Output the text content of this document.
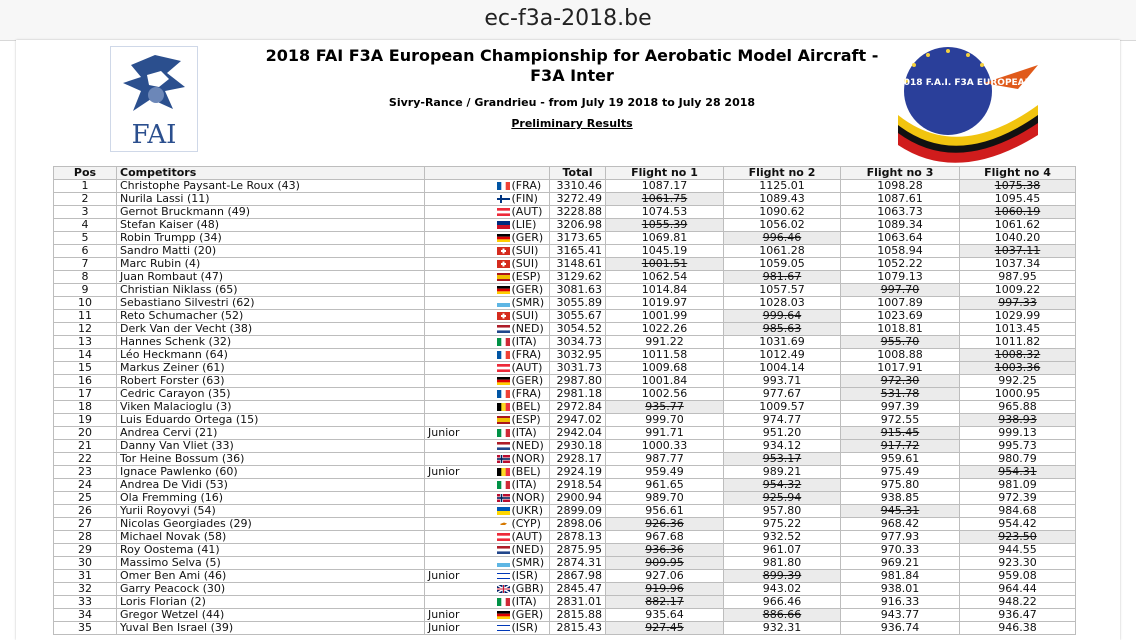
ec-f3a-2018.be
FAI
2018 FAI F3A European Championship for Aerobatic Model Aircraft -
F3A Inter
Sivry-Rance / Grandrieu - from July 19 2018 to July 28 2018
Preliminary Results
2018 F.A.I. F3A EUROPEAN CHAMPIONSHIP
Pos	Competitors			Total	Flight no 1	Flight no 2	Flight no 3	Flight no 4
1	Christophe Paysant-Le Roux (43)		(FRA)	3310.46	1087.17	1125.01	1098.28	1075.38
2	Nurila Lassi (11)		(FIN)	3272.49	1061.75	1089.43	1087.61	1095.45
3	Gernot Bruckmann (49)		(AUT)	3228.88	1074.53	1090.62	1063.73	1060.19
4	Stefan Kaiser (48)		(LIE)	3206.98	1055.39	1056.02	1089.34	1061.62
5	Robin Trumpp (34)		(GER)	3173.65	1069.81	996.46	1063.64	1040.20
6	Sandro Matti (20)		(SUI)	3165.41	1045.19	1061.28	1058.94	1037.11
7	Marc Rubin (4)		(SUI)	3148.61	1001.51	1059.05	1052.22	1037.34
8	Juan Rombaut (47)		(ESP)	3129.62	1062.54	981.67	1079.13	987.95
9	Christian Niklass (65)		(GER)	3081.63	1014.84	1057.57	997.70	1009.22
10	Sebastiano Silvestri (62)		(SMR)	3055.89	1019.97	1028.03	1007.89	997.33
11	Reto Schumacher (52)		(SUI)	3055.67	1001.99	999.64	1023.69	1029.99
12	Derk Van der Vecht (38)		(NED)	3054.52	1022.26	985.63	1018.81	1013.45
13	Hannes Schenk (32)		(ITA)	3034.73	991.22	1031.69	955.70	1011.82
14	Léo Heckmann (64)		(FRA)	3032.95	1011.58	1012.49	1008.88	1008.32
15	Markus Zeiner (61)		(AUT)	3031.73	1009.68	1004.14	1017.91	1003.36
16	Robert Forster (63)		(GER)	2987.80	1001.84	993.71	972.30	992.25
17	Cedric Carayon (35)		(FRA)	2981.18	1002.56	977.67	531.78	1000.95
18	Viken Malacioglu (3)		(BEL)	2972.84	935.77	1009.57	997.39	965.88
19	Luis Eduardo Ortega (15)		(ESP)	2947.02	999.70	974.77	972.55	938.93
20	Andrea Cervi (21)	Junior	(ITA)	2942.04	991.71	951.20	915.45	999.13
21	Danny Van Vliet (33)		(NED)	2930.18	1000.33	934.12	917.72	995.73
22	Tor Heine Bossum (36)		(NOR)	2928.17	987.77	953.17	959.61	980.79
23	Ignace Pawlenko (60)	Junior	(BEL)	2924.19	959.49	989.21	975.49	954.31
24	Andrea De Vidi (53)		(ITA)	2918.54	961.65	954.32	975.80	981.09
25	Ola Fremming (16)		(NOR)	2900.94	989.70	925.94	938.85	972.39
26	Yurii Royovyi (54)		(UKR)	2899.09	956.61	957.80	945.31	984.68
27	Nicolas Georgiades (29)		(CYP)	2898.06	926.36	975.22	968.42	954.42
28	Michael Novak (58)		(AUT)	2878.13	967.68	932.52	977.93	923.50
29	Roy Oostema (41)		(NED)	2875.95	936.36	961.07	970.33	944.55
30	Massimo Selva (5)		(SMR)	2874.31	909.95	981.80	969.21	923.30
31	Omer Ben Ami (46)	Junior	(ISR)	2867.98	927.06	899.39	981.84	959.08
32	Garry Peacock (30)		(GBR)	2845.47	919.96	943.02	938.01	964.44
33	Loris Florian (2)		(ITA)	2831.01	882.17	966.46	916.33	948.22
34	Gregor Wetzel (44)	Junior	(GER)	2815.88	935.64	886.66	943.77	936.47
35	Yuval Ben Israel (39)	Junior	(ISR)	2815.43	927.45	932.31	936.74	946.38
